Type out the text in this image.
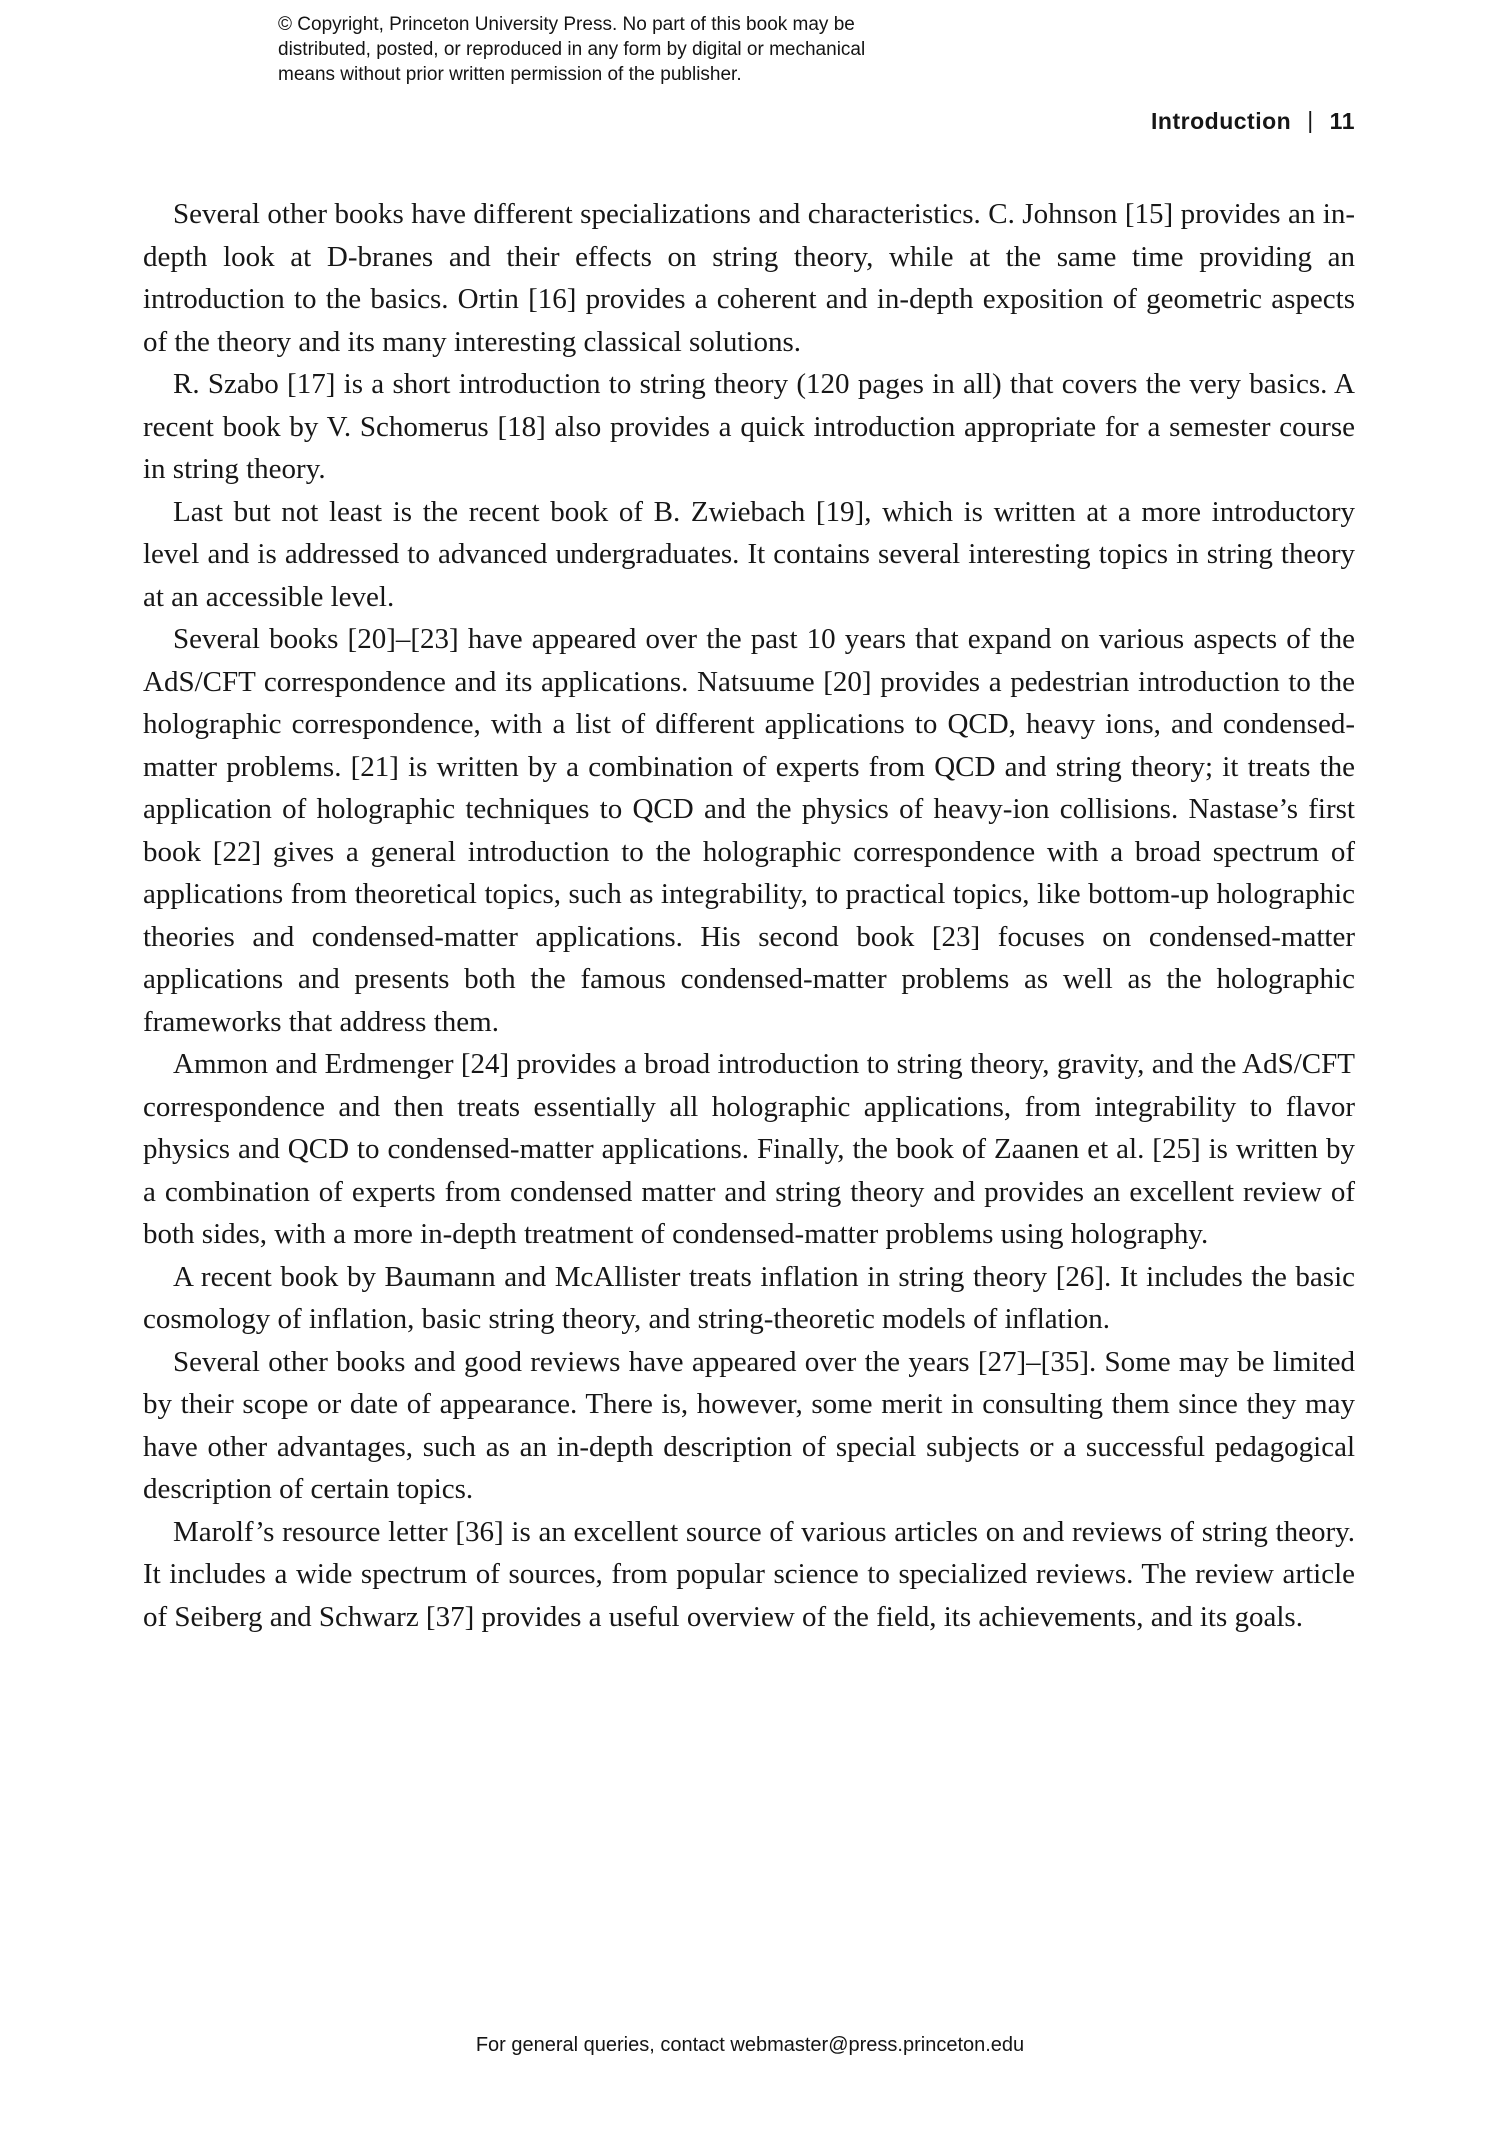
© Copyright, Princeton University Press. No part of this book may be
distributed, posted, or reproduced in any form by digital or mechanical
means without prior written permission of the publisher.
Introduction | 11

Several other books have different specializations and characteristics. C. Johnson [15] provides an in-depth look at D-branes and their effects on string theory, while at the same time providing an introduction to the basics. Ortin [16] provides a coherent and in-depth exposition of geometric aspects of the theory and its many interesting classical solutions.

R. Szabo [17] is a short introduction to string theory (120 pages in all) that covers the very basics. A recent book by V. Schomerus [18] also provides a quick introduction appropriate for a semester course in string theory.

Last but not least is the recent book of B. Zwiebach [19], which is written at a more introductory level and is addressed to advanced undergraduates. It contains several interesting topics in string theory at an accessible level.

Several books [20]–[23] have appeared over the past 10 years that expand on various aspects of the AdS/CFT correspondence and its applications. Natsuume [20] provides a pedestrian introduction to the holographic correspondence, with a list of different applications to QCD, heavy ions, and condensed-matter problems. [21] is written by a combination of experts from QCD and string theory; it treats the application of holographic techniques to QCD and the physics of heavy-ion collisions. Nastase’s first book [22] gives a general introduction to the holographic correspondence with a broad spectrum of applications from theoretical topics, such as integrability, to practical topics, like bottom-up holographic theories and condensed-matter applications. His second book [23] focuses on condensed-matter applications and presents both the famous condensed-matter problems as well as the holographic frameworks that address them.

Ammon and Erdmenger [24] provides a broad introduction to string theory, gravity, and the AdS/CFT correspondence and then treats essentially all holographic applications, from integrability to flavor physics and QCD to condensed-matter applications. Finally, the book of Zaanen et al. [25] is written by a combination of experts from condensed matter and string theory and provides an excellent review of both sides, with a more in-depth treatment of condensed-matter problems using holography.

A recent book by Baumann and McAllister treats inflation in string theory [26]. It includes the basic cosmology of inflation, basic string theory, and string-theoretic models of inflation.

Several other books and good reviews have appeared over the years [27]–[35]. Some may be limited by their scope or date of appearance. There is, however, some merit in consulting them since they may have other advantages, such as an in-depth description of special subjects or a successful pedagogical description of certain topics.

Marolf’s resource letter [36] is an excellent source of various articles on and reviews of string theory. It includes a wide spectrum of sources, from popular science to specialized reviews. The review article of Seiberg and Schwarz [37] provides a useful overview of the field, its achievements, and its goals.

For general queries, contact webmaster@press.princeton.edu
